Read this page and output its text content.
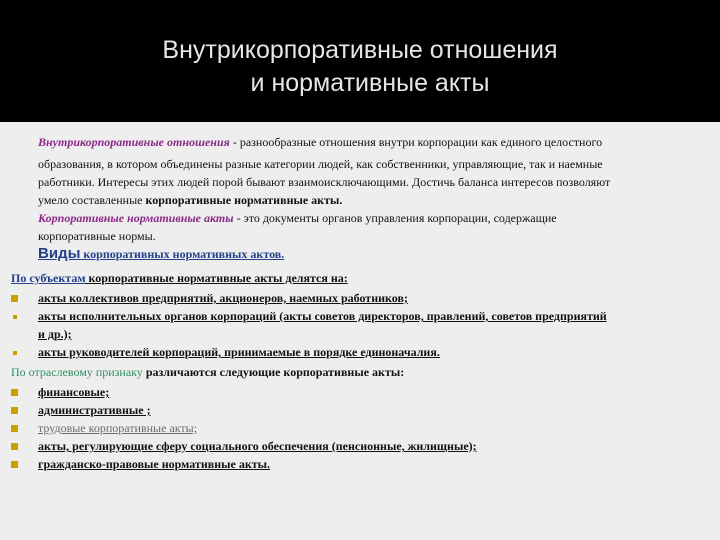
Внутрикорпоративные отношения
и нормативные акты
Внутрикорпоративные отношения - разнообразные отношения внутри корпорации как единого целостного
образования, в котором объединены разные категории людей, как собственники, управляющие, так и наемные
работники. Интересы этих людей порой бывают взаимоисключающими. Достичь баланса интересов позволяют
умело составленные корпоративные нормативные акты.
Корпоративные нормативные акты - это документы органов управления корпорации, содержащие
корпоративные нормы.
Виды корпоративных нормативных актов.
По субъектам корпоративные нормативные акты делятся на:
акты коллективов предприятий, акционеров, наемных работников;
акты исполнительных органов корпораций (акты советов директоров, правлений, советов предприятий
и др.);
акты руководителей корпораций, принимаемые в порядке единоначалия.
По отраслевому признаку различаются следующие корпоративные акты:
финансовые;
административные ;
трудовые корпоративные акты;
акты, регулирующие сферу социального обеспечения (пенсионные, жилищные);
гражданско-правовые нормативные акты.
